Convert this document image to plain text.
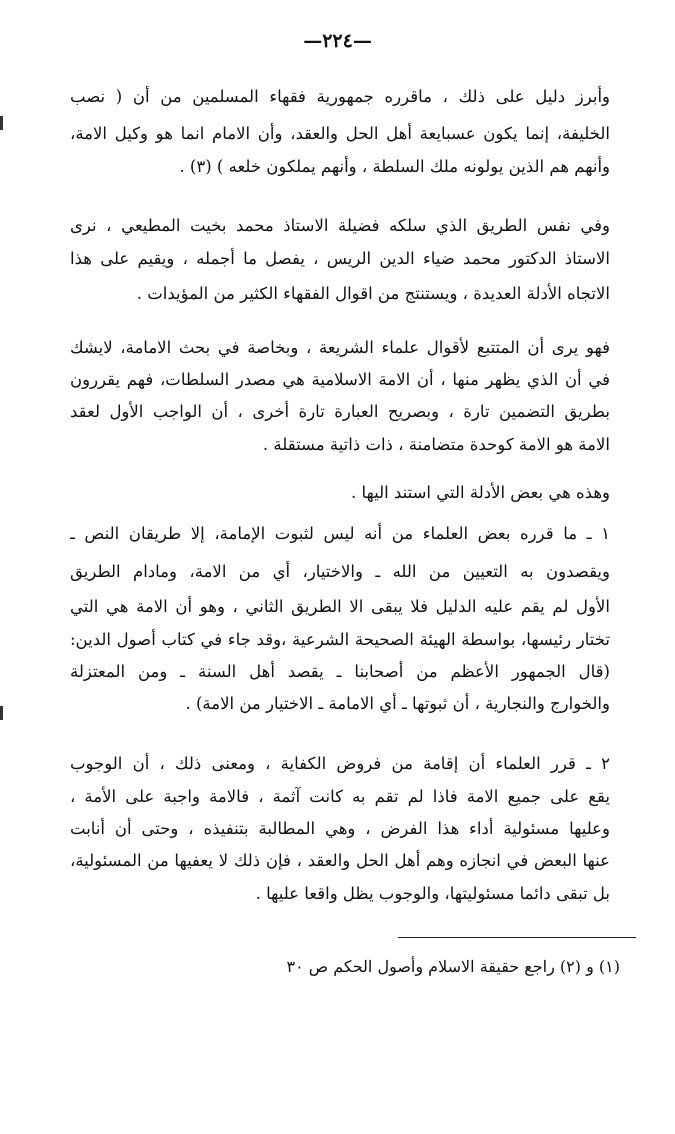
—٢٢٤—
وأبرز دليل على ذلك ، ماقرره جمهورية فقهاء المسلمين من أن ( نصب
الخليفة، إنما يكون عسبايعة أهل الحل والعقد، وأن الامام انما هو وكيل الامة،
وأنهم هم الذين يولونه ملك السلطة ، وأنهم يملكون خلعه ) (٣) .
وفي نفس الطريق الذي سلكه فضيلة الاستاذ محمد بخيت المطيعي ، نرى
الاستاذ الدكتور محمد ضياء الدين الريس ، يفصل ما أجمله ، ويقيم على هذا
الاتجاه الأدلة العديدة ، ويستنتج من اقوال الفقهاء الكثير من المؤيدات .
فهو يرى أن المتتبع لأقوال علماء الشريعة ، وبخاصة في بحث الامامة، لايشك
في أن الذي يظهر منها ، أن الامة الاسلامية هي مصدر السلطات، فهم يقررون
بطريق التضمين تارة ، وبصريح العبارة تارة أخرى ، أن الواجب الأول لعقد
الامة هو الامة كوحدة متضامنة ، ذات ذاتية مستقلة .
وهذه هي بعض الأدلة التي استند اليها .
١ ـ ما قرره بعض العلماء من أنه ليس لثبوت الإمامة، إلا طريقان النص ـ
ويقصدون به التعيين من الله ـ والاختيار، أي من الامة، ومادام الطريق
الأول لم يقم عليه الدليل فلا يبقى الا الطريق الثاني ، وهو أن الامة هي التي
تختار رئيسها، بواسطة الهيئة الصحيحة الشرعية ،وقد جاء في كتاب أصول الدين:
(قال الجمهور الأعظم من أصحابنا ـ يقصد أهل السنة ـ ومن المعتزلة
والخوارج والنجارية ، أن ثبوتها ـ أي الامامة ـ الاختيار من الامة) .
٢ ـ قرر العلماء أن إقامة من فروض الكفاية ، ومعنى ذلك ، أن الوجوب
يقع على جميع الامة فاذا لم تقم به كانت آثمة ، فالامة واجبة على الأمة ،
وعليها مسئولية أداء هذا الفرض ، وهي المطالبة بتنفيذه ، وحتى أن أنابت
عنها البعض في انجازه وهم أهل الحل والعقد ، فإن ذلك لا يعفيها من المسئولية،
بل تبقى دائما مسئوليتها، والوجوب يظل واقعا عليها .
(١) و (٢) راجع حقيقة الاسلام وأصول الحكم ص ٣٠
